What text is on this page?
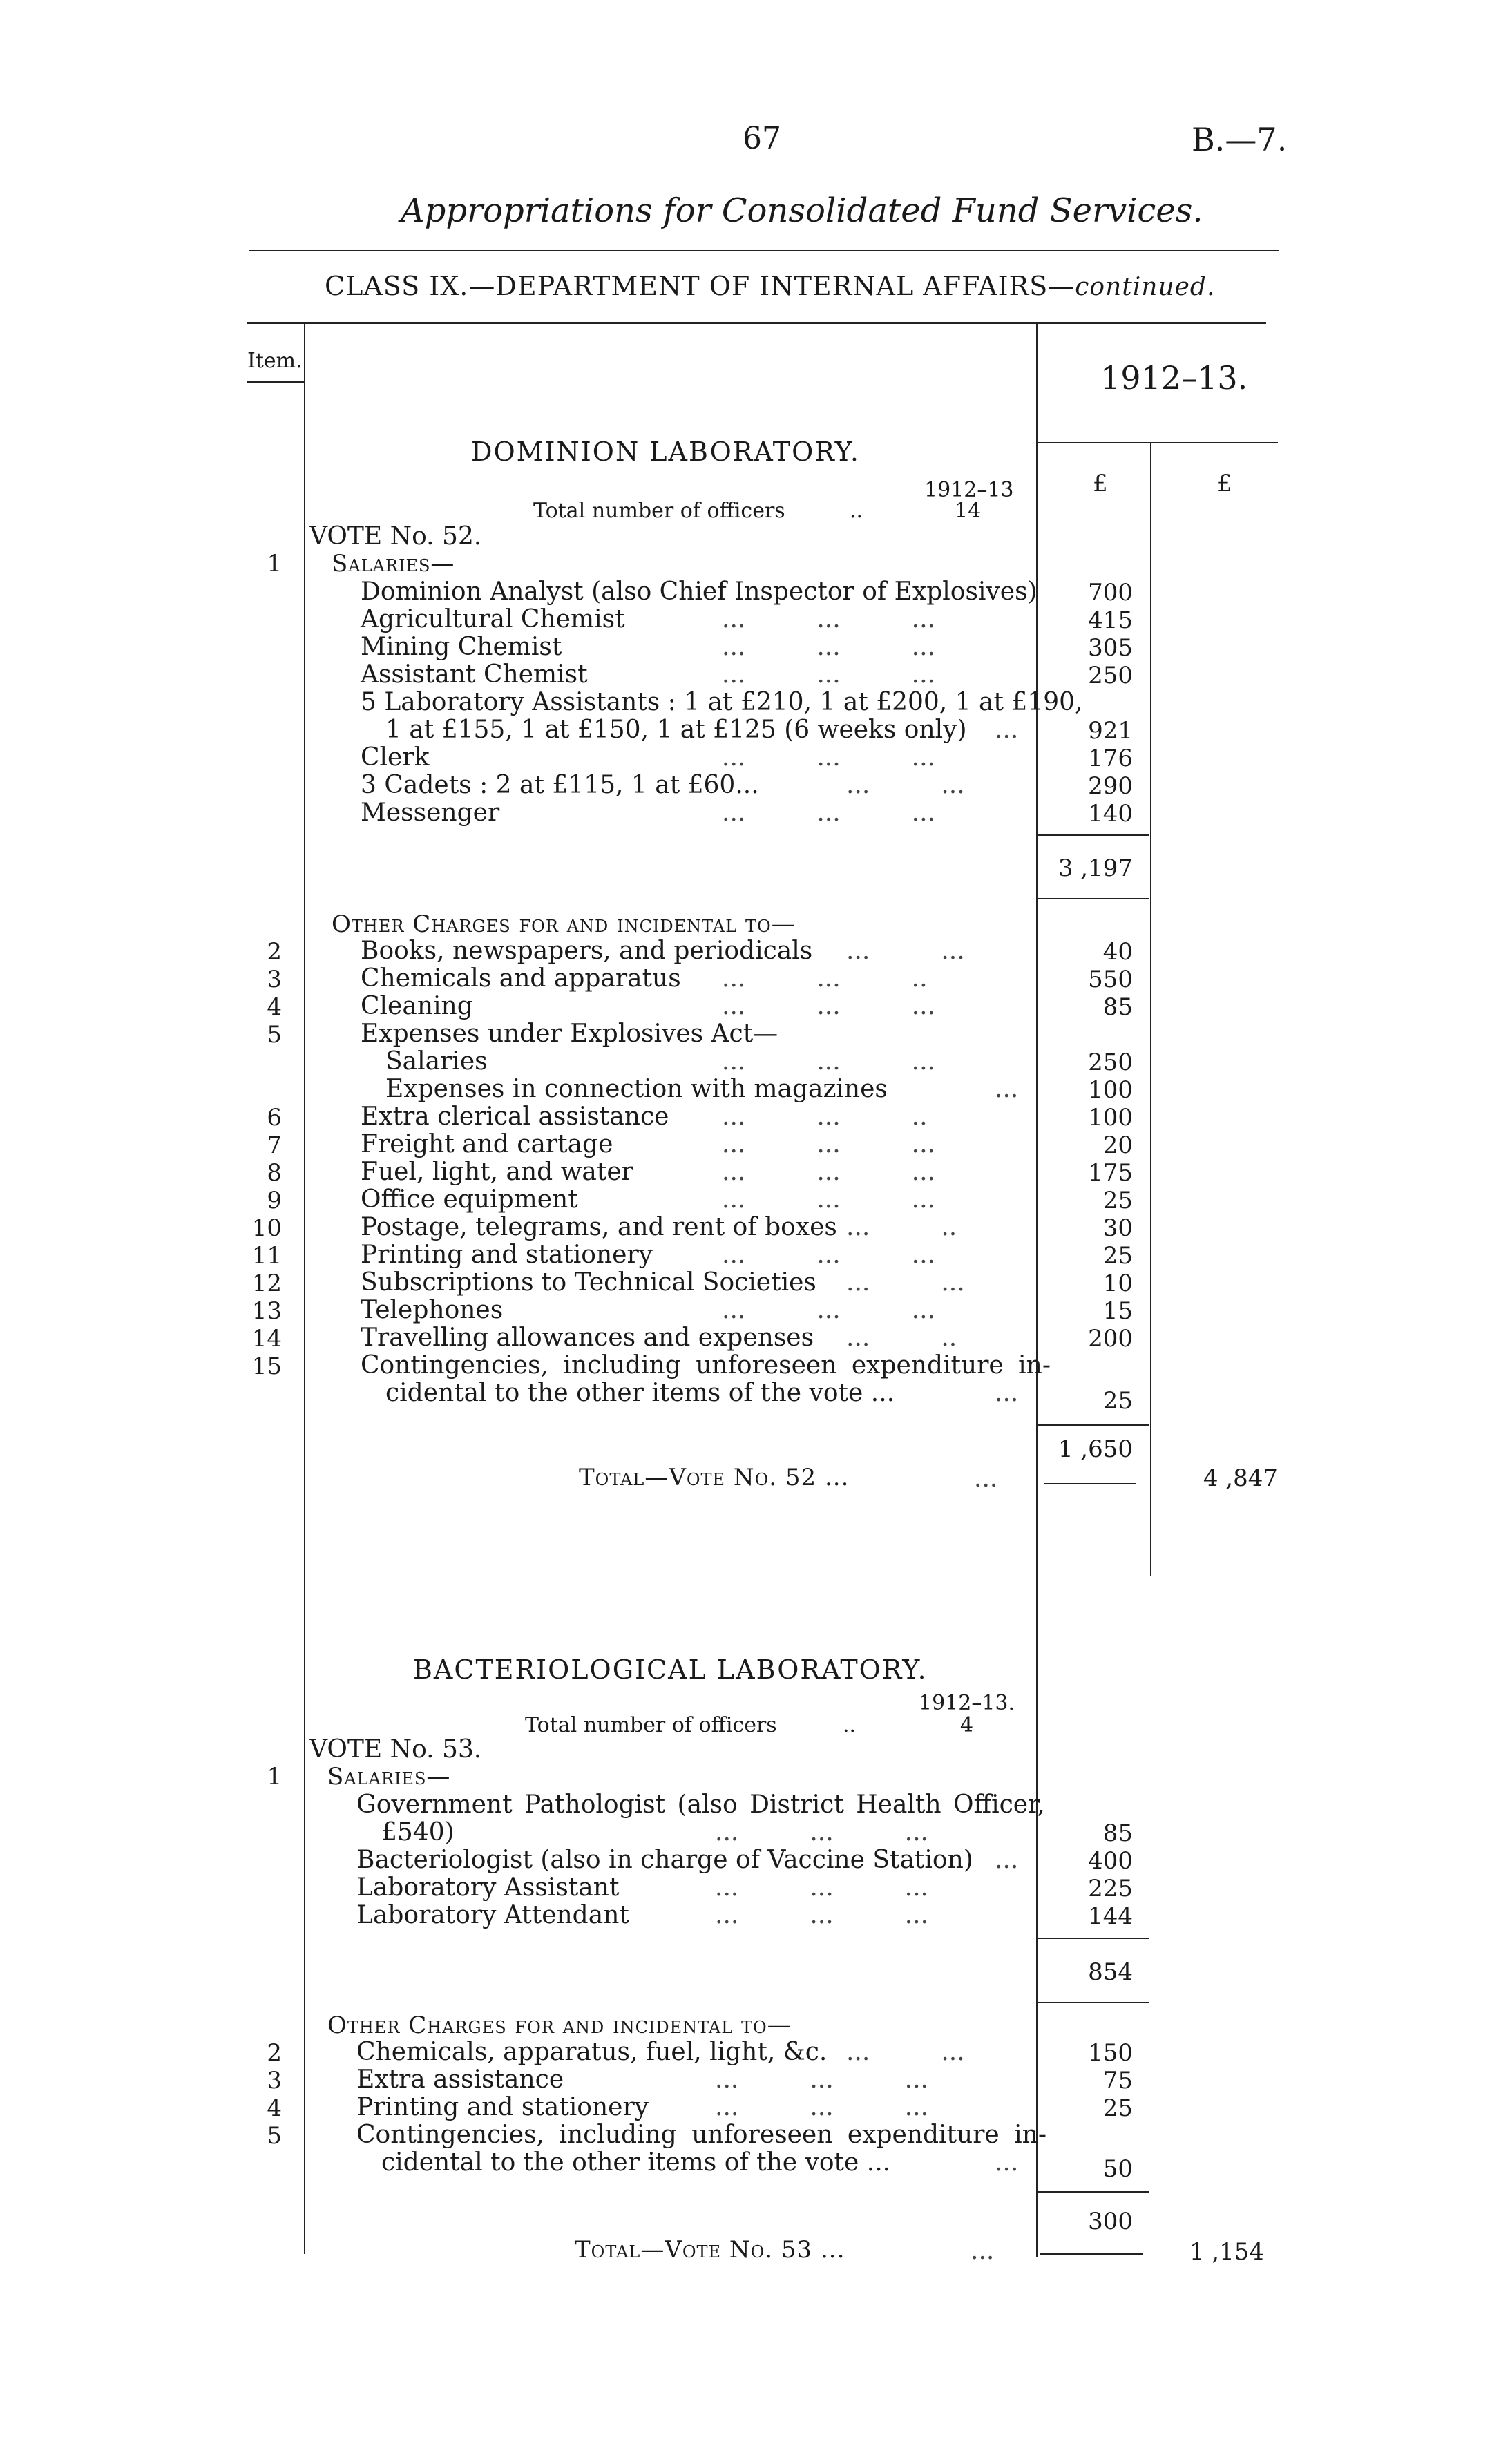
67	B.—7.
Appropriations for Consolidated Fund Services.
CLASS IX.—DEPARTMENT OF INTERNAL AFFAIRS—continued.
Item.	1912–13.
£	£
DOMINION LABORATORY.
1912–13
Total number of officers	..	14
VOTE No. 52.
1 Salaries—
Dominion Analyst (also Chief Inspector of Explosives)	700
Agricultural Chemist	...         ...         ...	415
Mining Chemist	...         ...         ...	305
Assistant Chemist	...         ...         ...	250
5 Laboratory Assistants : 1 at £210, 1 at £200, 1 at £190,
1 at £155, 1 at £150, 1 at £125 (6 weeks only) ...	921
Clerk	...         ...         ...	176
3 Cadets : 2 at £115, 1 at £60...	...         ...	290
Messenger	...         ...         ...	140
3 ,197
Other Charges for and incidental to—
2	Books, newspapers, and periodicals ...         ...	40
3	Chemicals and apparatus ...         ...         ..	550
4	Cleaning	...         ...         ...	85
5	Expenses under Explosives Act—
Salaries	...         ...         ...	250
Expenses in connection with magazines	...	100
6	Extra clerical assistance ...         ...         ..	100
7	Freight and cartage	...         ...         ...	20
8	Fuel, light, and water	...         ...         ...	175
9	Office equipment	...         ...         ...	25
10	Postage, telegrams, and rent of boxes ...         ..	30
11	Printing and stationery	...         ...         ...	25
12	Subscriptions to Technical Societies ...         ...	10
13	Telephones	...         ...         ...	15
14	Travelling allowances and expenses ...         ..	200
15	Contingencies, including unforeseen expenditure in-
cidental to the other items of the vote ...	...	25
1 ,650
Total—Vote No. 52 ...	...	4 ,847
BACTERIOLOGICAL LABORATORY.
1912–13.
Total number of officers	..	4
VOTE No. 53.
1 Salaries—
Government Pathologist (also District Health Officer,
£540)	...         ...         ...	85
Bacteriologist (also in charge of Vaccine Station) ...	400
Laboratory Assistant	...         ...         ...	225
Laboratory Attendant	...         ...         ...	144
854
Other Charges for and incidental to—
2	Chemicals, apparatus, fuel, light, &c. ...         ...	150
3	Extra assistance	...         ...         ...	75
4	Printing and stationery	...         ...         ...	25
5	Contingencies, including unforeseen expenditure in-
cidental to the other items of the vote ...	...	50
300
Total—Vote No. 53 ...	...	1 ,154
